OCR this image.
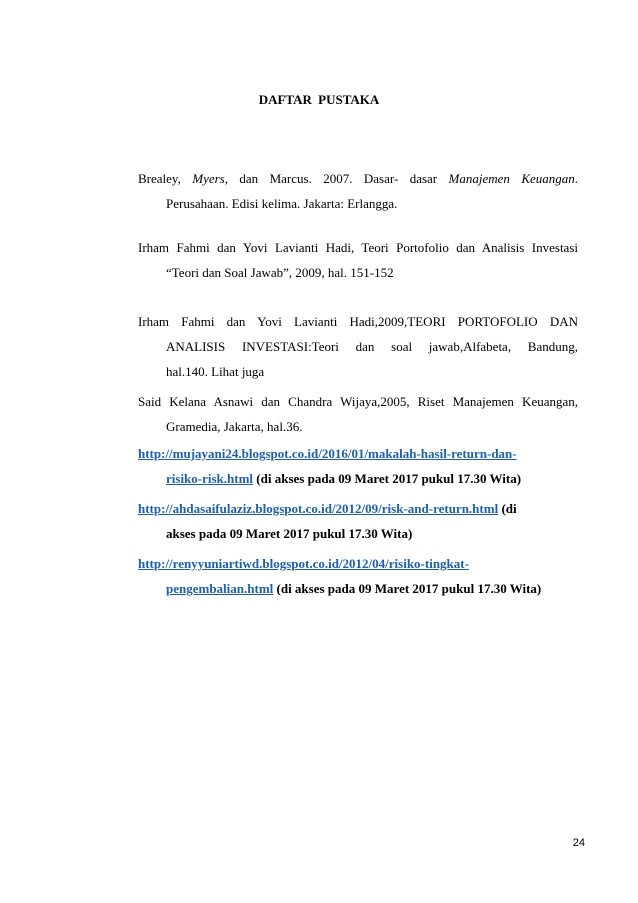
DAFTAR PUSTAKA
Brealey, Myers, dan Marcus. 2007. Dasar- dasar Manajemen Keuangan.
Perusahaan. Edisi kelima. Jakarta: Erlangga.
Irham Fahmi dan Yovi Lavianti Hadi, Teori Portofolio dan Analisis Investasi
“Teori dan Soal Jawab”, 2009, hal. 151-152
Irham Fahmi dan Yovi Lavianti Hadi,2009,TEORI PORTOFOLIO DAN
ANALISIS INVESTASI:Teori dan soal jawab,Alfabeta, Bandung,
hal.140. Lihat juga
Said Kelana Asnawi dan Chandra Wijaya,2005, Riset Manajemen Keuangan,
Gramedia, Jakarta, hal.36.
http://mujayani24.blogspot.co.id/2016/01/makalah-hasil-return-dan-
risiko-risk.html (di akses pada 09 Maret 2017 pukul 17.30 Wita)
http://ahdasaifulaziz.blogspot.co.id/2012/09/risk-and-return.html (di
akses pada 09 Maret 2017 pukul 17.30 Wita)
http://renyyuniartiwd.blogspot.co.id/2012/04/risiko-tingkat-
pengembalian.html (di akses pada 09 Maret 2017 pukul 17.30 Wita)
24
